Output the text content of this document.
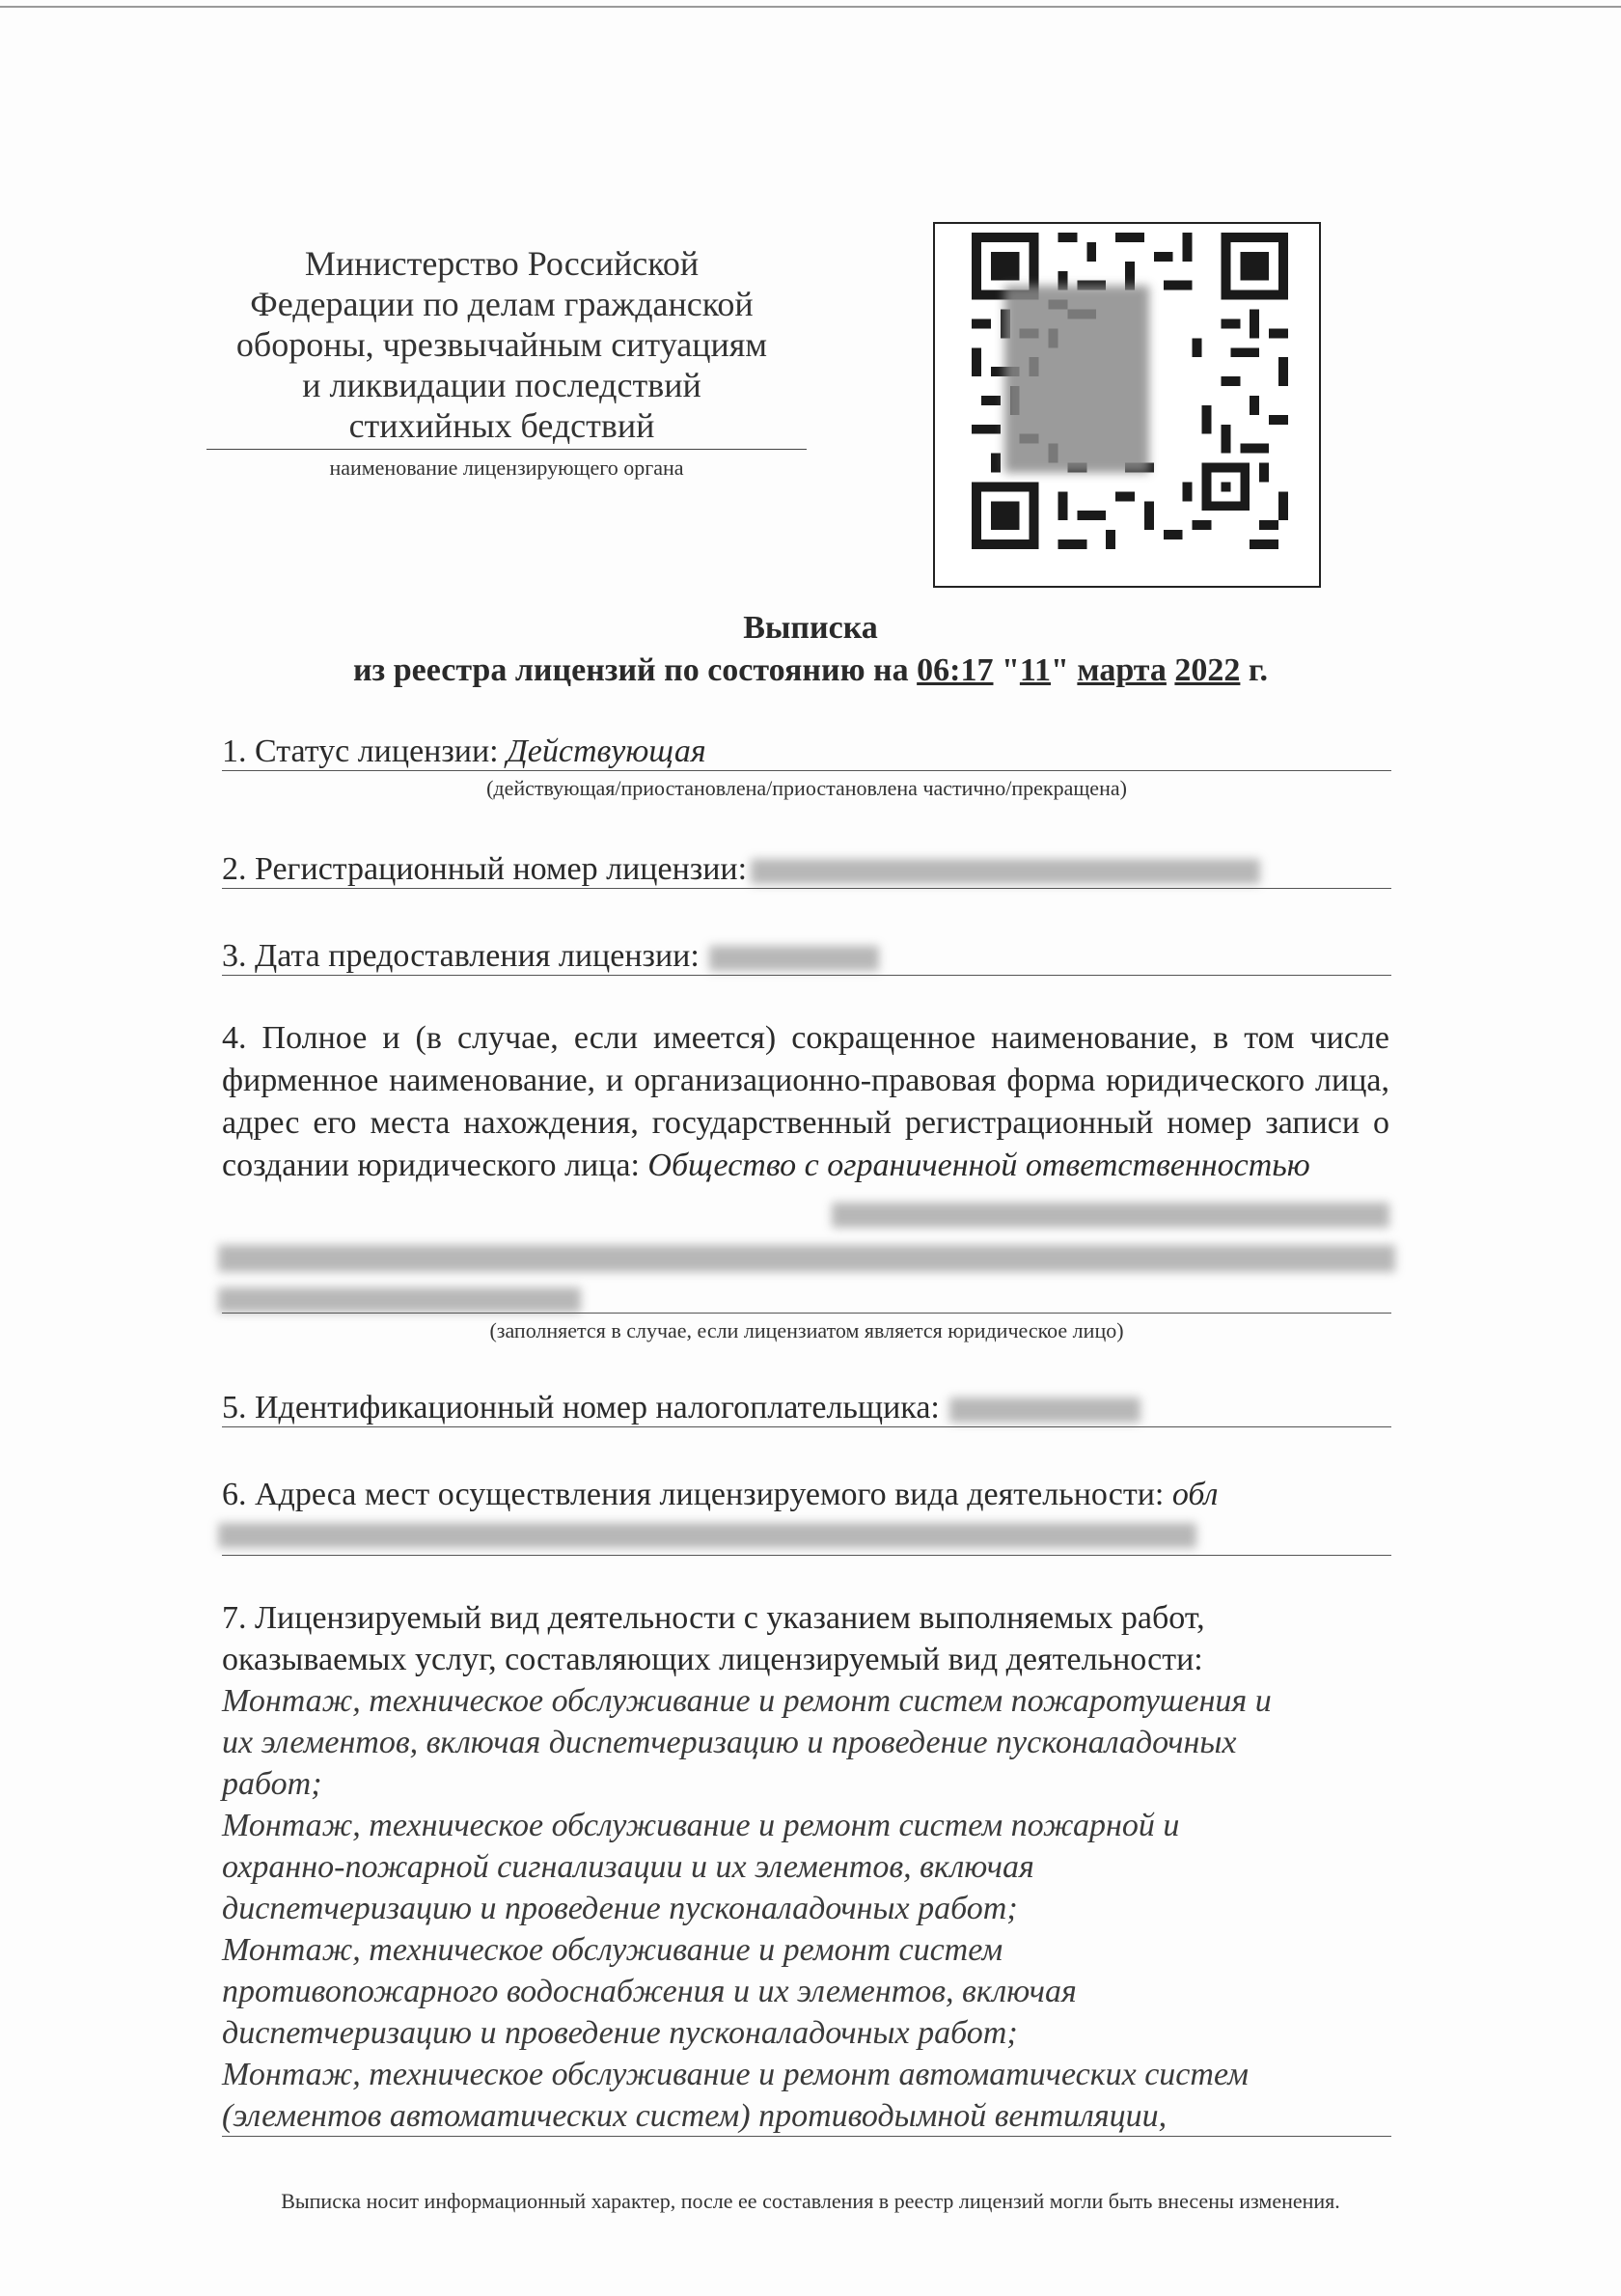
Министерство Российской
Федерации по делам гражданской
обороны, чрезвычайным ситуациям
и ликвидации последствий
стихийных бедствий
наименование лицензирующего органа
Выписка
из реестра лицензий по состоянию на 06:17 "11" марта 2022 г.
1. Статус лицензии: Действующая
(действующая/приостановлена/приостановлена частично/прекращена)
2. Регистрационный номер лицензии:
3. Дата предоставления лицензии:
4. Полное и (в случае, если имеется) сокращенное наименование, в том числе фирменное наименование, и организационно-правовая форма юридического лица, адрес его места нахождения, государственный регистрационный номер записи о создании юридического лица: Общество с ограниченной ответственностью
(заполняется в случае, если лицензиатом является юридическое лицо)
5. Идентификационный номер налогоплательщика:
6. Адреса мест осуществления лицензируемого вида деятельности: обл
7. Лицензируемый вид деятельности с указанием выполняемых работ,
оказываемых услуг, составляющих лицензируемый вид деятельности:
Монтаж, техническое обслуживание и ремонт систем пожаротушения и
их элементов, включая диспетчеризацию и проведение пусконаладочных
работ;
Монтаж, техническое обслуживание и ремонт систем пожарной и
охранно-пожарной сигнализации и их элементов, включая
диспетчеризацию и проведение пусконаладочных работ;
Монтаж, техническое обслуживание и ремонт систем
противопожарного водоснабжения и их элементов, включая
диспетчеризацию и проведение пусконаладочных работ;
Монтаж, техническое обслуживание и ремонт автоматических систем
(элементов автоматических систем) противодымной вентиляции,
Выписка носит информационный характер, после ее составления в реестр лицензий могли быть внесены изменения.
